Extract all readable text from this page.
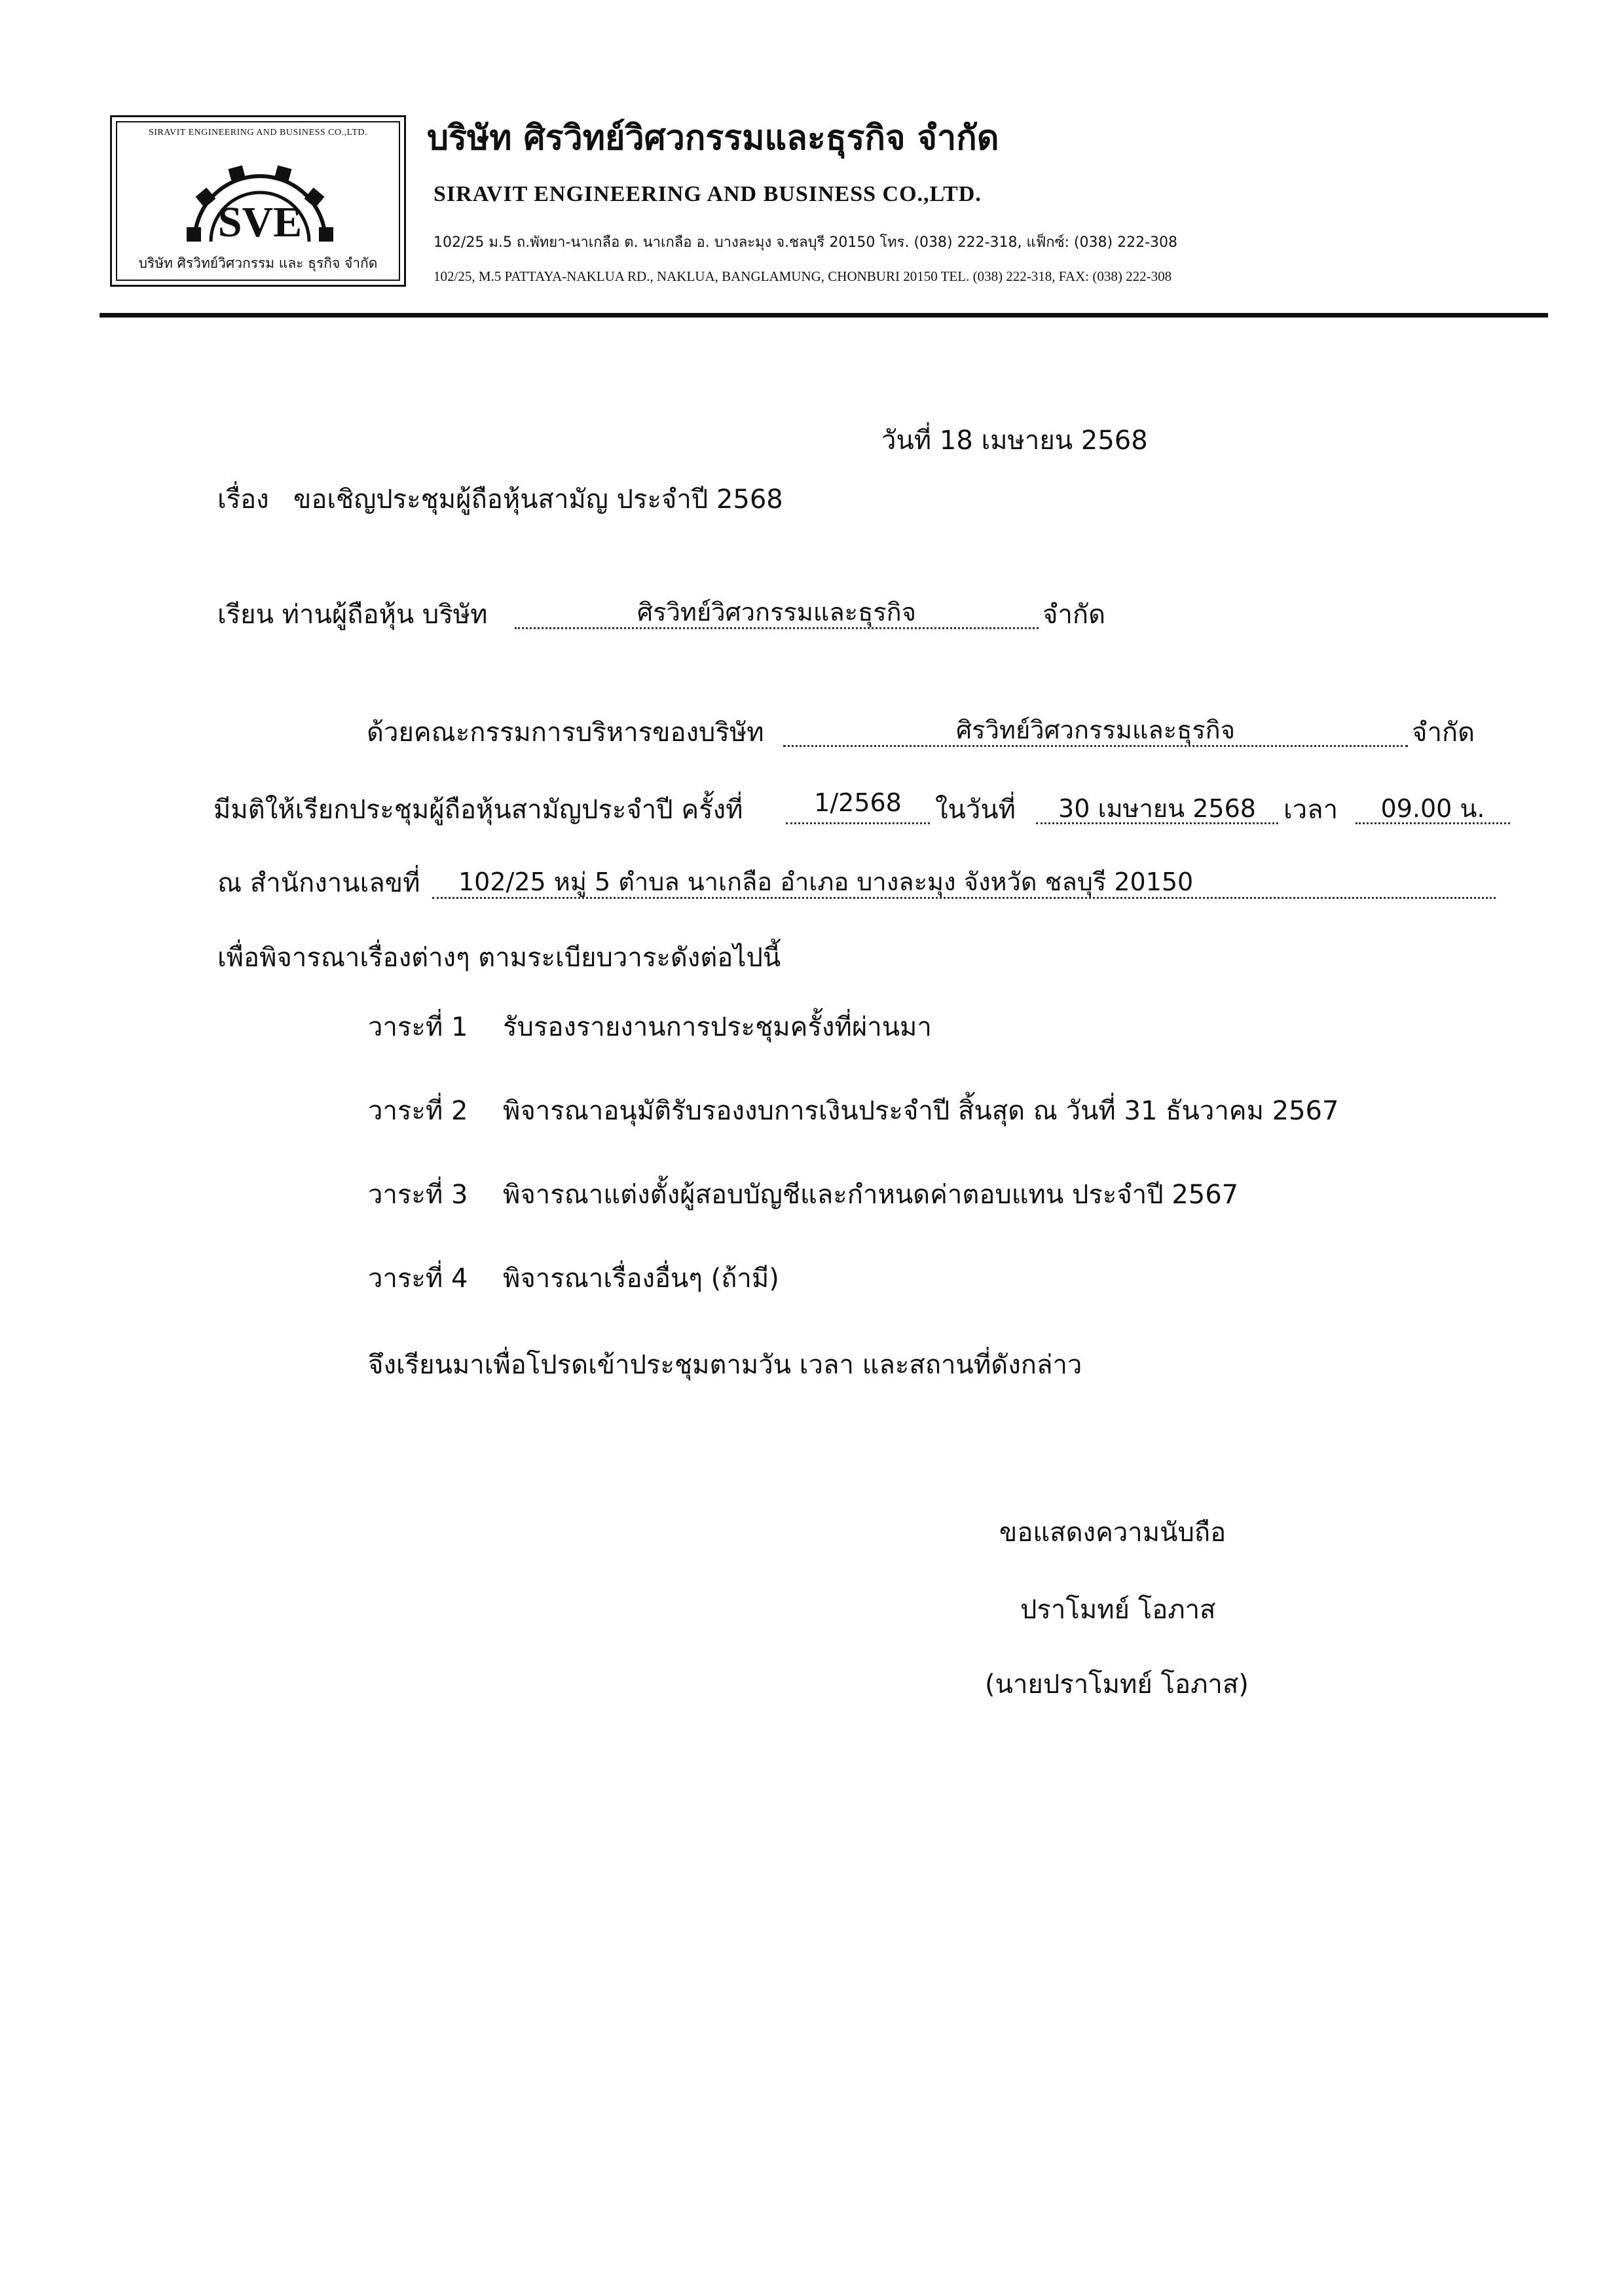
SIRAVIT ENGINEERING AND BUSINESS CO.,LTD.
SVE
บริษัท ศิรวิทย์วิศวกรรม และ ธุรกิจ จำกัด
บริษัท ศิรวิทย์วิศวกรรมและธุรกิจ จำกัด
SIRAVIT ENGINEERING AND BUSINESS CO.,LTD.
102/25 ม.5 ถ.พัทยา-นาเกลือ ต. นาเกลือ อ. บางละมุง จ.ชลบุรี 20150 โทร. (038) 222-318, แฟ็กซ์: (038) 222-308
102/25, M.5 PATTAYA-NAKLUA RD., NAKLUA, BANGLAMUNG, CHONBURI 20150 TEL. (038) 222-318, FAX: (038) 222-308
วันที่ 18 เมษายน 2568
เรื่อง ขอเชิญประชุมผู้ถือหุ้นสามัญ ประจำปี 2568
เรียน ท่านผู้ถือหุ้น บริษัท	ศิรวิทย์วิศวกรรมและธุรกิจ	จำกัด
ด้วยคณะกรรมการบริหารของบริษัท	ศิรวิทย์วิศวกรรมและธุรกิจ	จำกัด
มีมติให้เรียกประชุมผู้ถือหุ้นสามัญประจำปี ครั้งที่	1/2568	ในวันที่	30 เมษายน 2568	เวลา	09.00 น.
ณ สำนักงานเลขที่ 102/25 หมู่ 5 ตำบล นาเกลือ อำเภอ บางละมุง จังหวัด ชลบุรี 20150
เพื่อพิจารณาเรื่องต่างๆ ตามระเบียบวาระดังต่อไปนี้
วาระที่ 1 รับรองรายงานการประชุมครั้งที่ผ่านมา
วาระที่ 2 พิจารณาอนุมัติรับรองงบการเงินประจำปี สิ้นสุด ณ วันที่ 31 ธันวาคม 2567
วาระที่ 3 พิจารณาแต่งตั้งผู้สอบบัญชีและกำหนดค่าตอบแทน ประจำปี 2567
วาระที่ 4 พิจารณาเรื่องอื่นๆ (ถ้ามี)
จึงเรียนมาเพื่อโปรดเข้าประชุมตามวัน เวลา และสถานที่ดังกล่าว
ขอแสดงความนับถือ
ปราโมทย์ โอภาส
(นายปราโมทย์ โอภาส)
